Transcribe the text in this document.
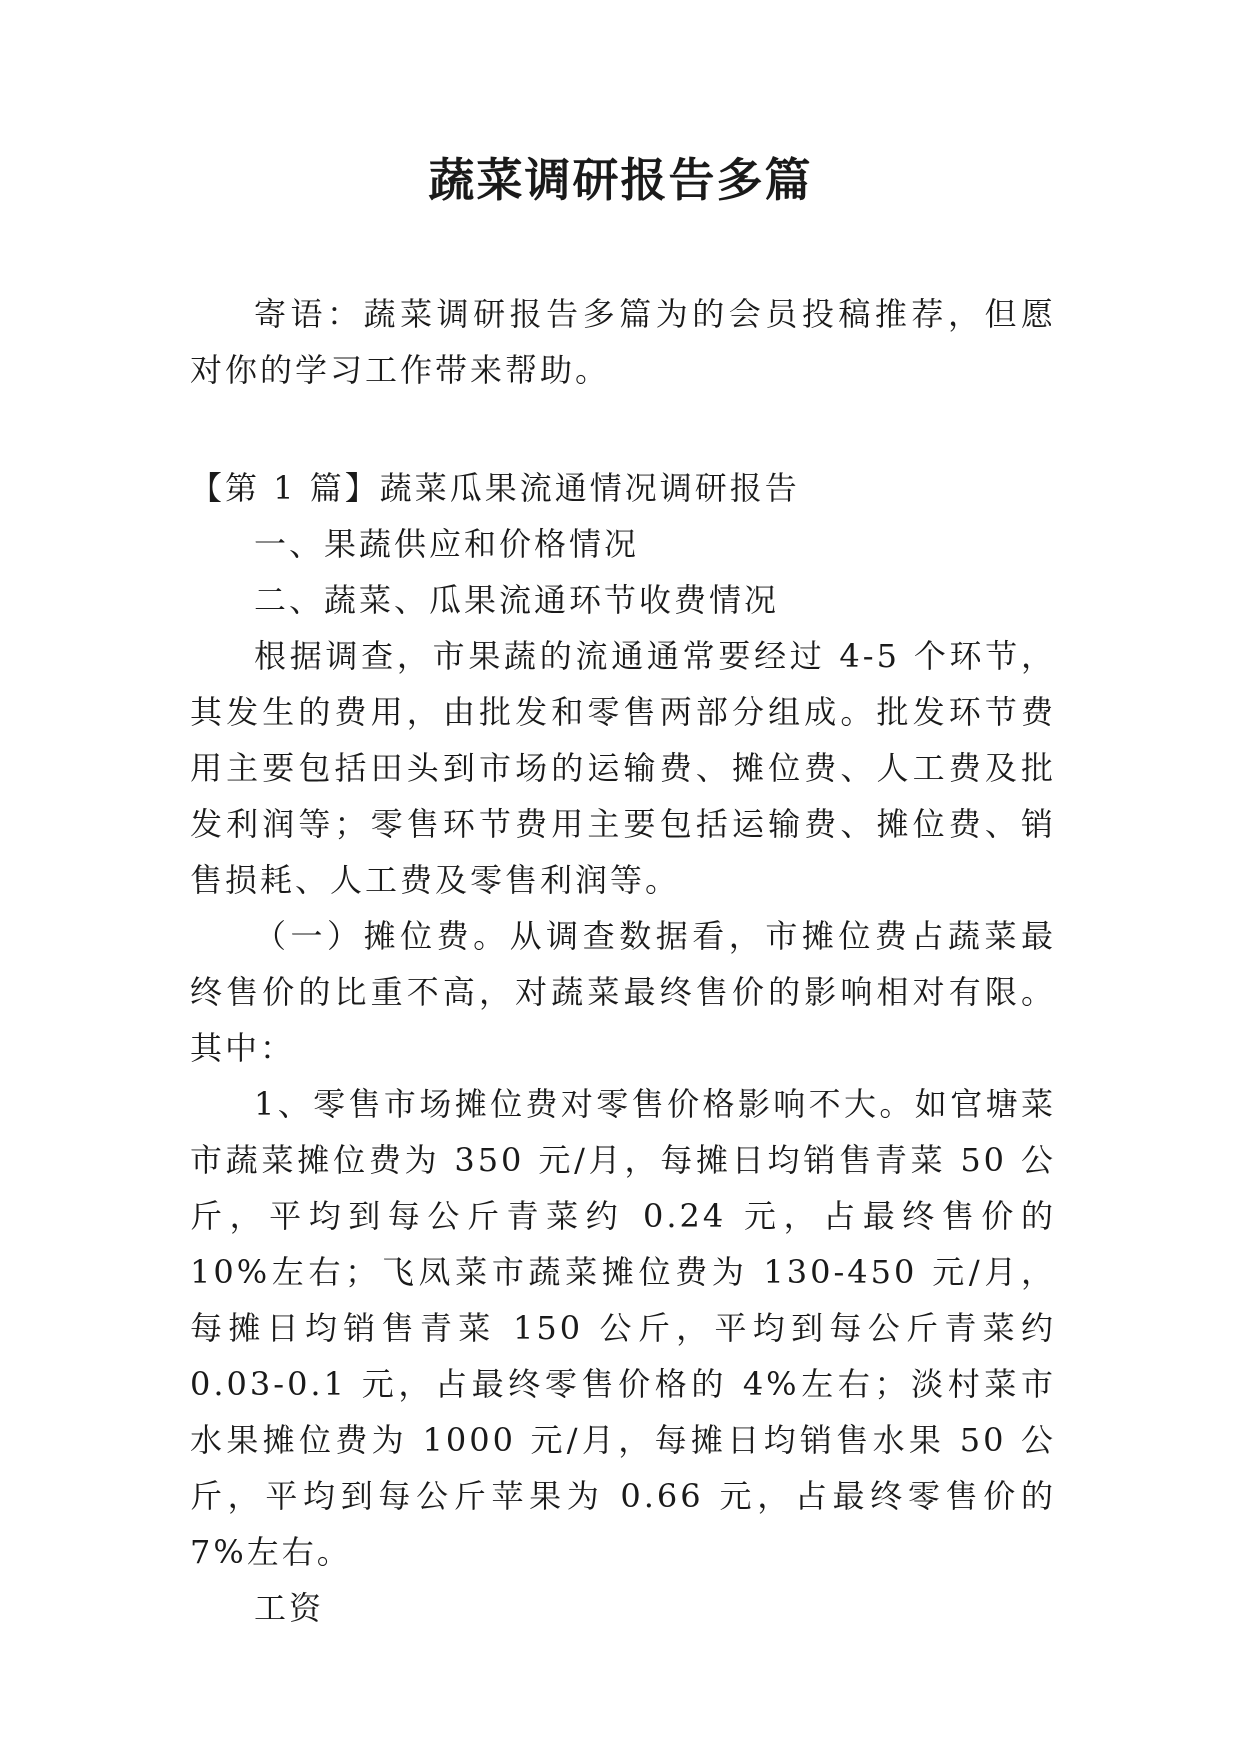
蔬菜调研报告多篇

寄语：蔬菜调研报告多篇为的会员投稿推荐，但愿对你的学习工作带来帮助。

【第 1 篇】蔬菜瓜果流通情况调研报告

一、果蔬供应和价格情况

二、蔬菜、瓜果流通环节收费情况

根据调查，市果蔬的流通通常要经过 4-5 个环节，其发生的费用，由批发和零售两部分组成。批发环节费用主要包括田头到市场的运输费、摊位费、人工费及批发利润等；零售环节费用主要包括运输费、摊位费、销售损耗、人工费及零售利润等。

（一）摊位费。从调查数据看，市摊位费占蔬菜最终售价的比重不高，对蔬菜最终售价的影响相对有限。其中：

1、零售市场摊位费对零售价格影响不大。如官塘菜市蔬菜摊位费为 350 元/月，每摊日均销售青菜 50 公斤，平均到每公斤青菜约 0.24 元，占最终售价的 10%左右；飞凤菜市蔬菜摊位费为 130-450 元/月，每摊日均销售青菜 150 公斤，平均到每公斤青菜约 0.03-0.1 元，占最终零售价格的 4%左右；淡村菜市水果摊位费为 1000 元/月，每摊日均销售水果 50 公斤，平均到每公斤苹果为 0.66 元，占最终零售价的 7%左右。

工资
